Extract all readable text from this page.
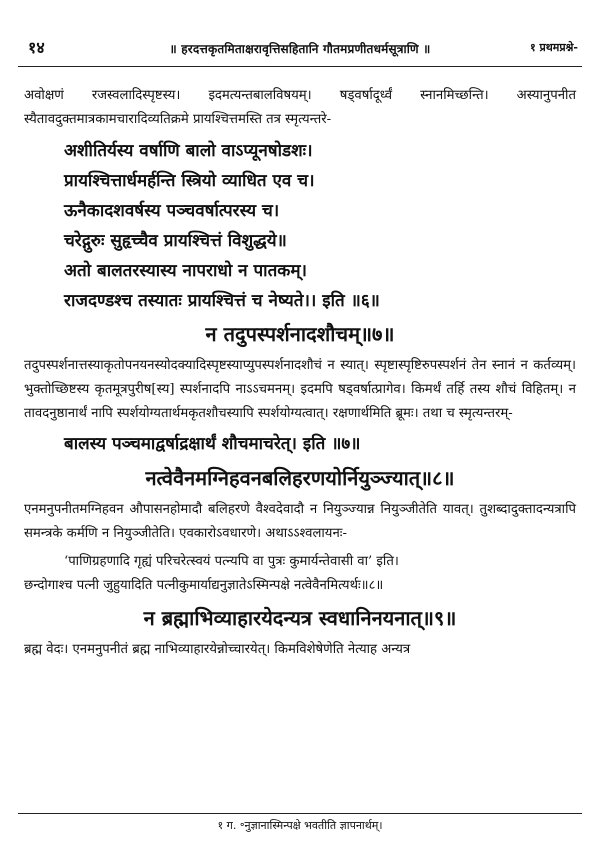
१४	॥ हरदत्तकृतमिताक्षरावृत्तिसहितानि गौतमप्रणीतधर्मसूत्राणि ॥	१ प्रथमप्रश्ने-

अवोक्षणं रजस्वलादिस्पृष्टस्य। इदमत्यन्तबालविषयम्। षड्वर्षादूर्ध्वं स्नानमिच्छन्ति। अस्यानुपनीत स्यैतावदुक्तमात्रकामचारादिव्यतिक्रमे प्रायश्चित्तमस्ति तत्र स्मृत्यन्तरे-

अशीतिर्यस्य वर्षाणि बालो वाऽप्यूनषोडशः।

प्रायश्चित्तार्धमर्हन्ति स्त्रियो व्याधित एव च।

ऊनैकादशवर्षस्य पञ्चवर्षात्परस्य च।

चरेद्गुरुः सुहृच्चैव प्रायश्चित्तं विशुद्धये॥

अतो बालतरस्यास्य नापराधो न पातकम्।

राजदण्डश्च तस्यातः प्रायश्चित्तं च नेष्यते।। इति ॥६॥

न तदुपस्पर्शनादशौचम्॥७॥

तदुपस्पर्शनात्तस्याकृतोपनयनस्योदक्यादिस्पृष्टस्याप्युपस्पर्शनादशौचं न स्यात्। स्पृष्टास्पृष्टिरुपस्पर्शनं तेन स्नानं न कर्तव्यम्। भुक्तोच्छिष्टस्य कृतमूत्रपुरीष[स्य] स्पर्शनादपि नाऽऽचमनम्। इदमपि षड्वर्षात्प्रागेव। किमर्थं तर्हि तस्य शौचं विहितम्। न तावदनुष्ठानार्थं नापि स्पर्शयोग्यतार्थमकृतशौचस्यापि स्पर्शयोग्यत्वात्। रक्षणार्थमिति ब्रूमः। तथा च स्मृत्यन्तरम्-

बालस्य पञ्चमाद्वर्षाद्रक्षार्थं शौचमाचरेत्। इति ॥७॥

नत्वेवैनमग्निहवनबलिहरणयोर्नियुञ्ज्यात्॥८॥

एनमनुपनीतमग्निहवन औपासनहोमादौ बलिहरणे वैश्वदेवादौ न नियुञ्ज्यान्न नियुञ्जीतेति यावत्। तुशब्दादुक्तादन्यत्रापि समन्त्रके कर्मणि न नियुञ्जीतेति। एवकारोऽवधारणे। अथाऽऽश्वलायनः-

‘पाणिग्रहणादि गृह्यं परिचरेत्स्वयं पत्न्यपि वा पुत्रः कुमार्यन्तेवासी वा’ इति।

छन्दोगाश्च पत्नी जुहुयादिति पत्नीकुमार्याद्यनुज्ञातेऽस्मिन्पक्षे नत्वेवैनमित्यर्थः॥८॥

न ब्रह्माभिव्याहारयेदन्यत्र स्वधानिनयनात्॥९॥

ब्रह्म वेदः। एनमनुपनीतं ब्रह्म नाभिव्याहारयेन्नोच्चारयेत्। किमविशेषेणेति नेत्याह अन्यत्र

१ ग. ॰नुज्ञानास्मिन्पक्षे भवतीति ज्ञापनार्थम्।
